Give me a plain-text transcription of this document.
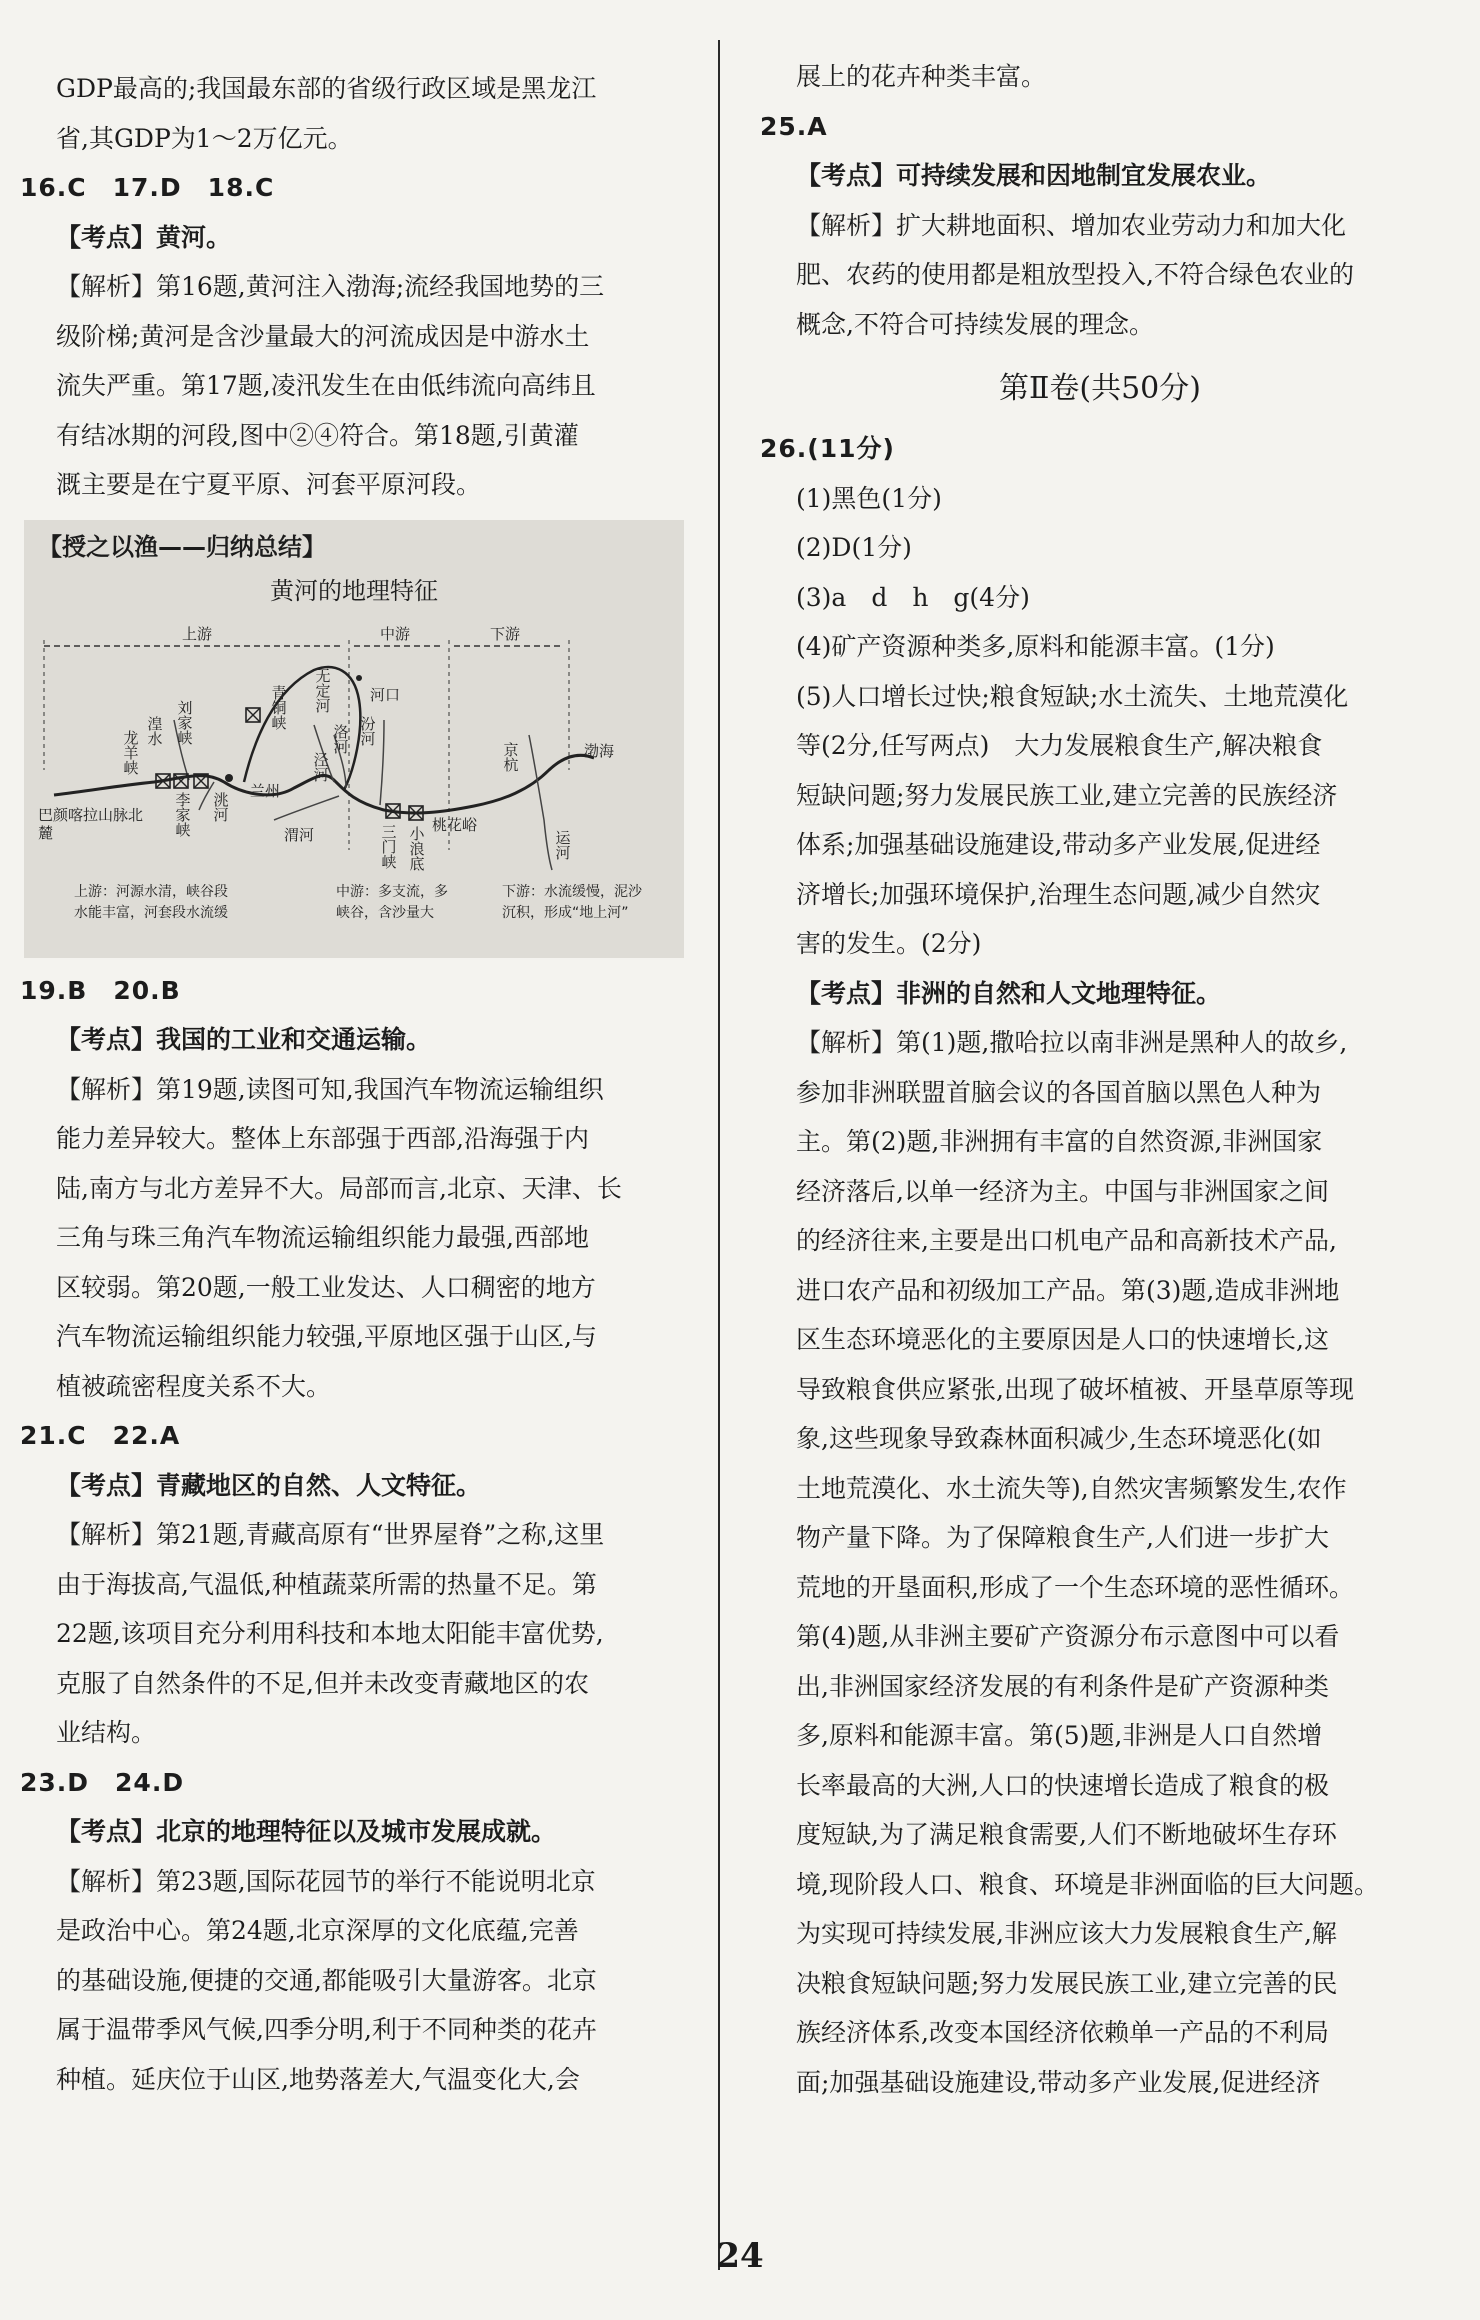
GDP最高的;我国最东部的省级行政区域是黑龙江

省,其GDP为1～2万亿元。

16.C　17.D　18.C

【考点】黄河。

【解析】第16题,黄河注入渤海;流经我国地势的三

级阶梯;黄河是含沙量最大的河流成因是中游水土

流失严重。第17题,凌汛发生在由低纬流向高纬且

有结冰期的河段,图中②④符合。第18题,引黄灌

溉主要是在宁夏平原、河套平原河段。

【授之以渔——归纳总结】
黄河的地理特征
上游	中游	下游
龙羊峡 湟水 刘家峡
李家峡 洮河
青铜峡
兰州
无定河
汾河
洛河
泾河
渭河
河口
三门峡 小浪底
桃花峪
京杭
运河
渤海
巴颜喀拉山脉北麓
上游：河源水清，峡谷段
水能丰富，河套段水流缓
中游：多支流，多
峡谷，含沙量大
下游：水流缓慢，泥沙
沉积，形成“地上河”

19.B　20.B

【考点】我国的工业和交通运输。

【解析】第19题,读图可知,我国汽车物流运输组织

能力差异较大。整体上东部强于西部,沿海强于内

陆,南方与北方差异不大。局部而言,北京、天津、长

三角与珠三角汽车物流运输组织能力最强,西部地

区较弱。第20题,一般工业发达、人口稠密的地方

汽车物流运输组织能力较强,平原地区强于山区,与

植被疏密程度关系不大。

21.C　22.A

【考点】青藏地区的自然、人文特征。

【解析】第21题,青藏高原有“世界屋脊”之称,这里

由于海拔高,气温低,种植蔬菜所需的热量不足。第

22题,该项目充分利用科技和本地太阳能丰富优势,

克服了自然条件的不足,但并未改变青藏地区的农

业结构。

23.D　24.D

【考点】北京的地理特征以及城市发展成就。

【解析】第23题,国际花园节的举行不能说明北京

是政治中心。第24题,北京深厚的文化底蕴,完善

的基础设施,便捷的交通,都能吸引大量游客。北京

属于温带季风气候,四季分明,利于不同种类的花卉

种植。延庆位于山区,地势落差大,气温变化大,会

展上的花卉种类丰富。

25.A

【考点】可持续发展和因地制宜发展农业。

【解析】扩大耕地面积、增加农业劳动力和加大化

肥、农药的使用都是粗放型投入,不符合绿色农业的

概念,不符合可持续发展的理念。

第Ⅱ卷(共50分)

26.(11分)

(1)黑色(1分)

(2)D(1分)

(3)a　d　h　g(4分)

(4)矿产资源种类多,原料和能源丰富。(1分)

(5)人口增长过快;粮食短缺;水土流失、土地荒漠化

等(2分,任写两点)　大力发展粮食生产,解决粮食

短缺问题;努力发展民族工业,建立完善的民族经济

体系;加强基础设施建设,带动多产业发展,促进经

济增长;加强环境保护,治理生态问题,减少自然灾

害的发生。(2分)

【考点】非洲的自然和人文地理特征。

【解析】第(1)题,撒哈拉以南非洲是黑种人的故乡,

参加非洲联盟首脑会议的各国首脑以黑色人种为

主。第(2)题,非洲拥有丰富的自然资源,非洲国家

经济落后,以单一经济为主。中国与非洲国家之间

的经济往来,主要是出口机电产品和高新技术产品,

进口农产品和初级加工产品。第(3)题,造成非洲地

区生态环境恶化的主要原因是人口的快速增长,这

导致粮食供应紧张,出现了破坏植被、开垦草原等现

象,这些现象导致森林面积减少,生态环境恶化(如

土地荒漠化、水土流失等),自然灾害频繁发生,农作

物产量下降。为了保障粮食生产,人们进一步扩大

荒地的开垦面积,形成了一个生态环境的恶性循环。

第(4)题,从非洲主要矿产资源分布示意图中可以看

出,非洲国家经济发展的有利条件是矿产资源种类

多,原料和能源丰富。第(5)题,非洲是人口自然增

长率最高的大洲,人口的快速增长造成了粮食的极

度短缺,为了满足粮食需要,人们不断地破坏生存环

境,现阶段人口、粮食、环境是非洲面临的巨大问题。

为实现可持续发展,非洲应该大力发展粮食生产,解

决粮食短缺问题;努力发展民族工业,建立完善的民

族经济体系,改变本国经济依赖单一产品的不利局

面;加强基础设施建设,带动多产业发展,促进经济

24
